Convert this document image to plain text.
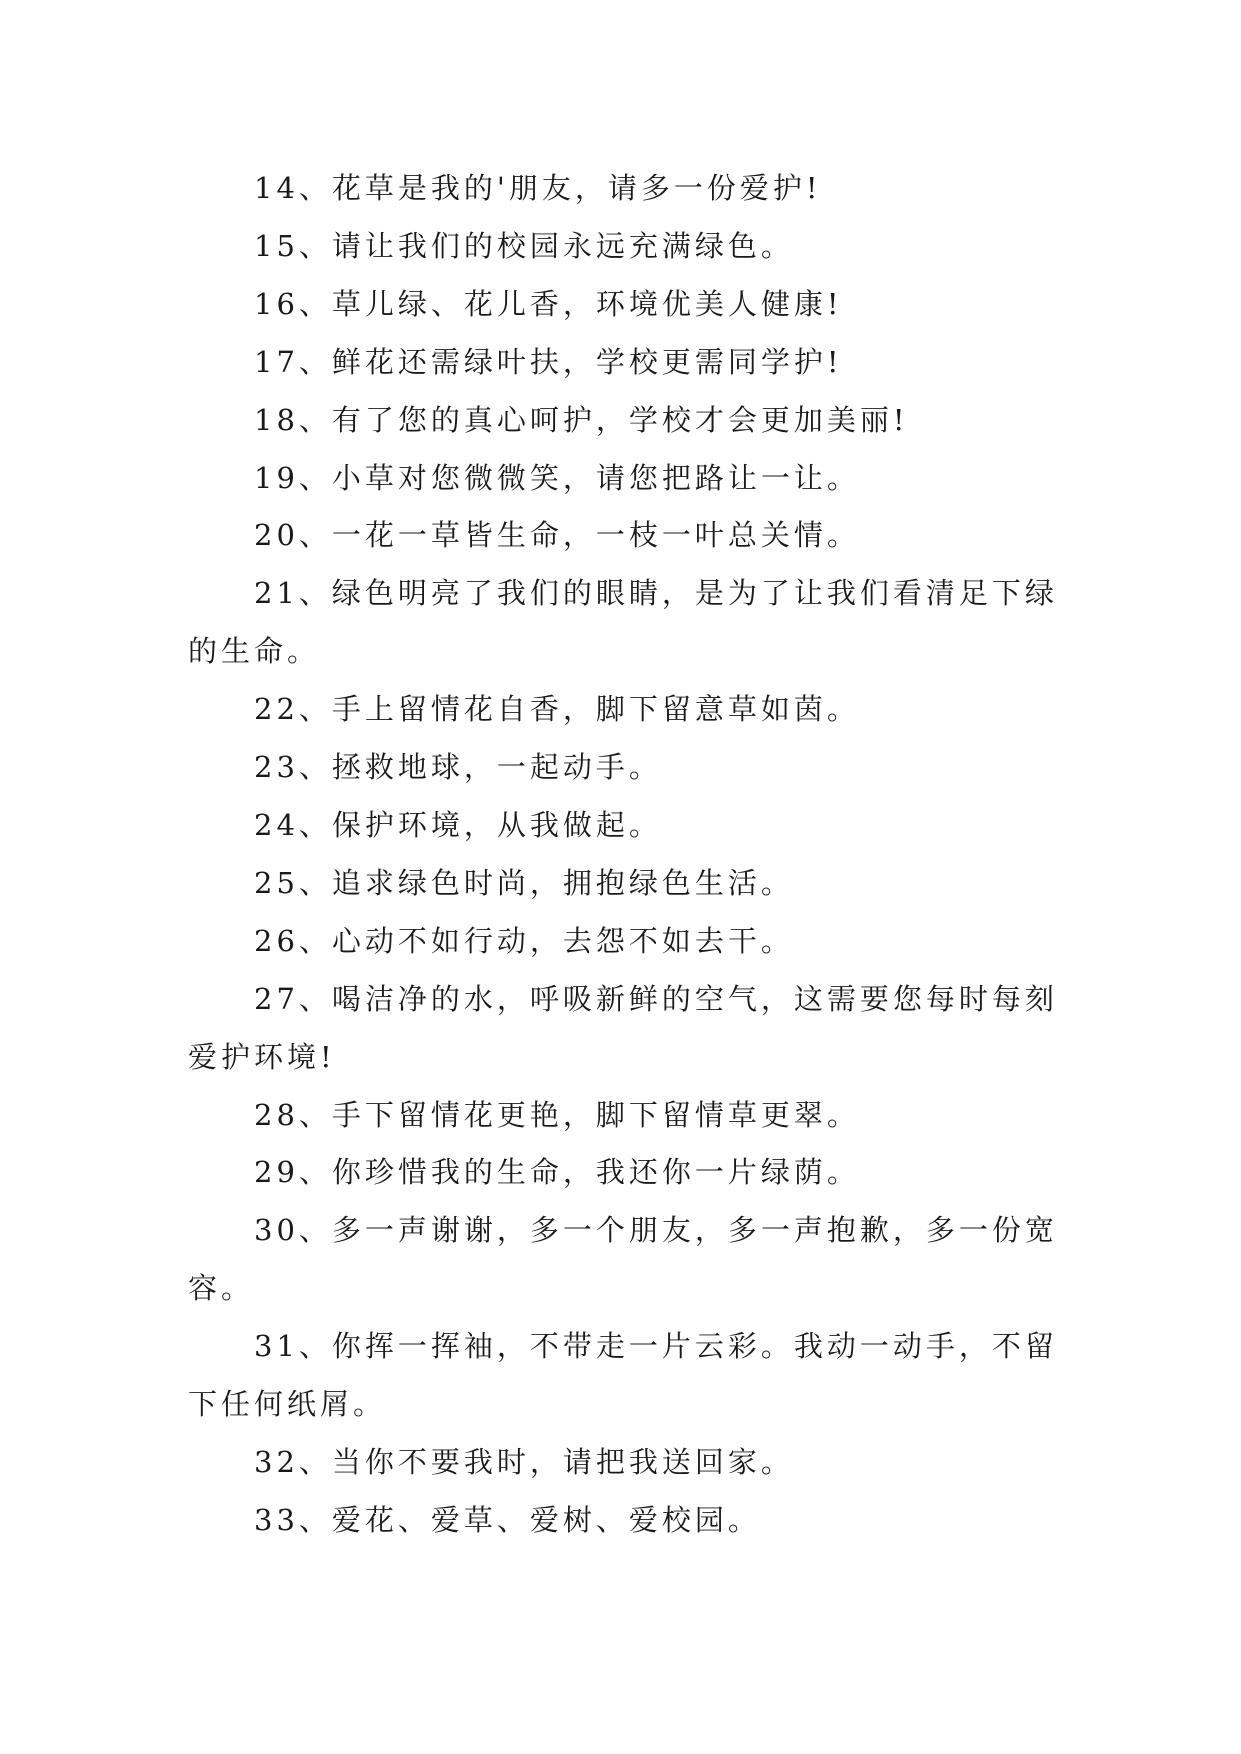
14、花草是我的'朋友，请多一份爱护!

15、请让我们的校园永远充满绿色。

16、草儿绿、花儿香，环境优美人健康!

17、鲜花还需绿叶扶，学校更需同学护!

18、有了您的真心呵护，学校才会更加美丽!

19、小草对您微微笑，请您把路让一让。

20、一花一草皆生命，一枝一叶总关情。

21、绿色明亮了我们的眼睛，是为了让我们看清足下绿的生命。

22、手上留情花自香，脚下留意草如茵。

23、拯救地球，一起动手。

24、保护环境，从我做起。

25、追求绿色时尚，拥抱绿色生活。

26、心动不如行动，去怨不如去干。

27、喝洁净的水，呼吸新鲜的空气，这需要您每时每刻爱护环境!

28、手下留情花更艳，脚下留情草更翠。

29、你珍惜我的生命，我还你一片绿荫。

30、多一声谢谢，多一个朋友，多一声抱歉，多一份宽容。

31、你挥一挥袖，不带走一片云彩。我动一动手，不留下任何纸屑。

32、当你不要我时，请把我送回家。

33、爱花、爱草、爱树、爱校园。
